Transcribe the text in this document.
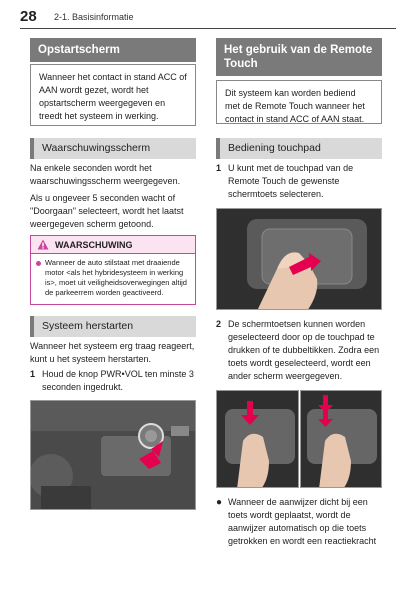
28 2-1. Basisinformatie
Opstartscherm
Wanneer het contact in stand ACC of AAN wordt gezet, wordt het opstartscherm weergegeven en treedt het systeem in werking.
Waarschuwingsscherm
Na enkele seconden wordt het waarschuwingsscherm weergegeven.
Als u ongeveer 5 seconden wacht of "Doorgaan" selecteert, wordt het laatst weergegeven scherm getoond.
WAARSCHUWING
Wanneer de auto stilstaat met draaiende motor <als het hybridesysteem in werking is>, moet uit veiligheidsoverwegingen altijd de parkeerrem worden geactiveerd.
Systeem herstarten
Wanneer het systeem erg traag reageert, kunt u het systeem herstarten.
1 Houd de knop PWR•VOL ten minste 3 seconden ingedrukt.
Het gebruik van de Remote Touch
Dit systeem kan worden bediend met de Remote Touch wanneer het contact in stand ACC of AAN staat.
Bediening touchpad
1 U kunt met de touchpad van de Remote Touch de gewenste schermtoets selecteren.
2 De schermtoetsen kunnen worden geselecteerd door op de touchpad te drukken of te dubbeltikken. Zodra een toets wordt geselecteerd, wordt een ander scherm weergegeven.
● Wanneer de aanwijzer dicht bij een toets wordt geplaatst, wordt de aanwijzer automatisch op die toets getrokken en wordt een reactiekracht
